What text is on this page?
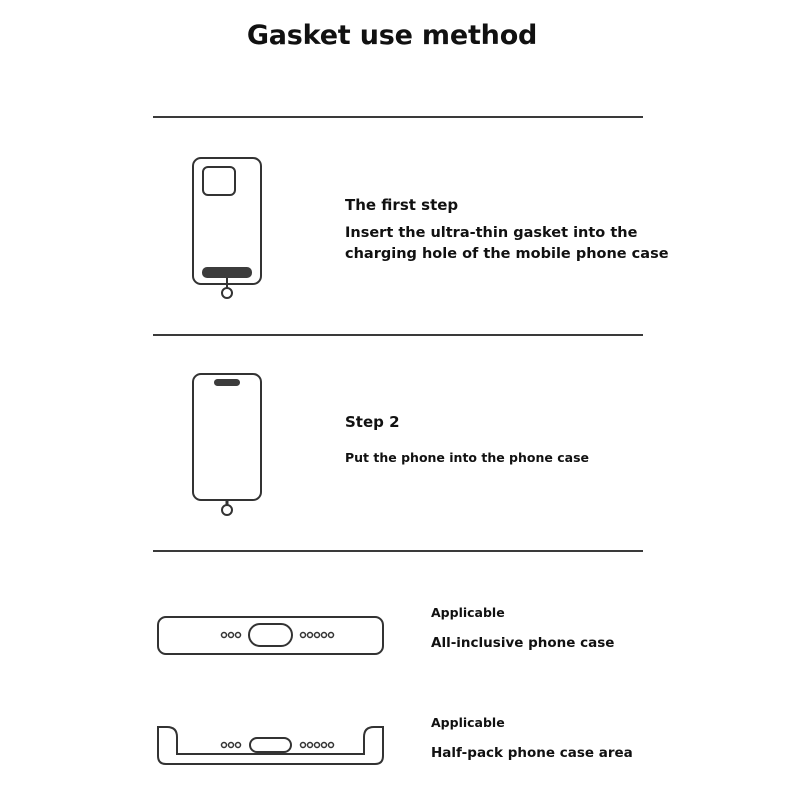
Gasket use method
The first step
Insert the ultra-thin gasket into the
charging hole of the mobile phone case
Step 2
Put the phone into the phone case
Applicable
All-inclusive phone case
Applicable
Half-pack phone case area
